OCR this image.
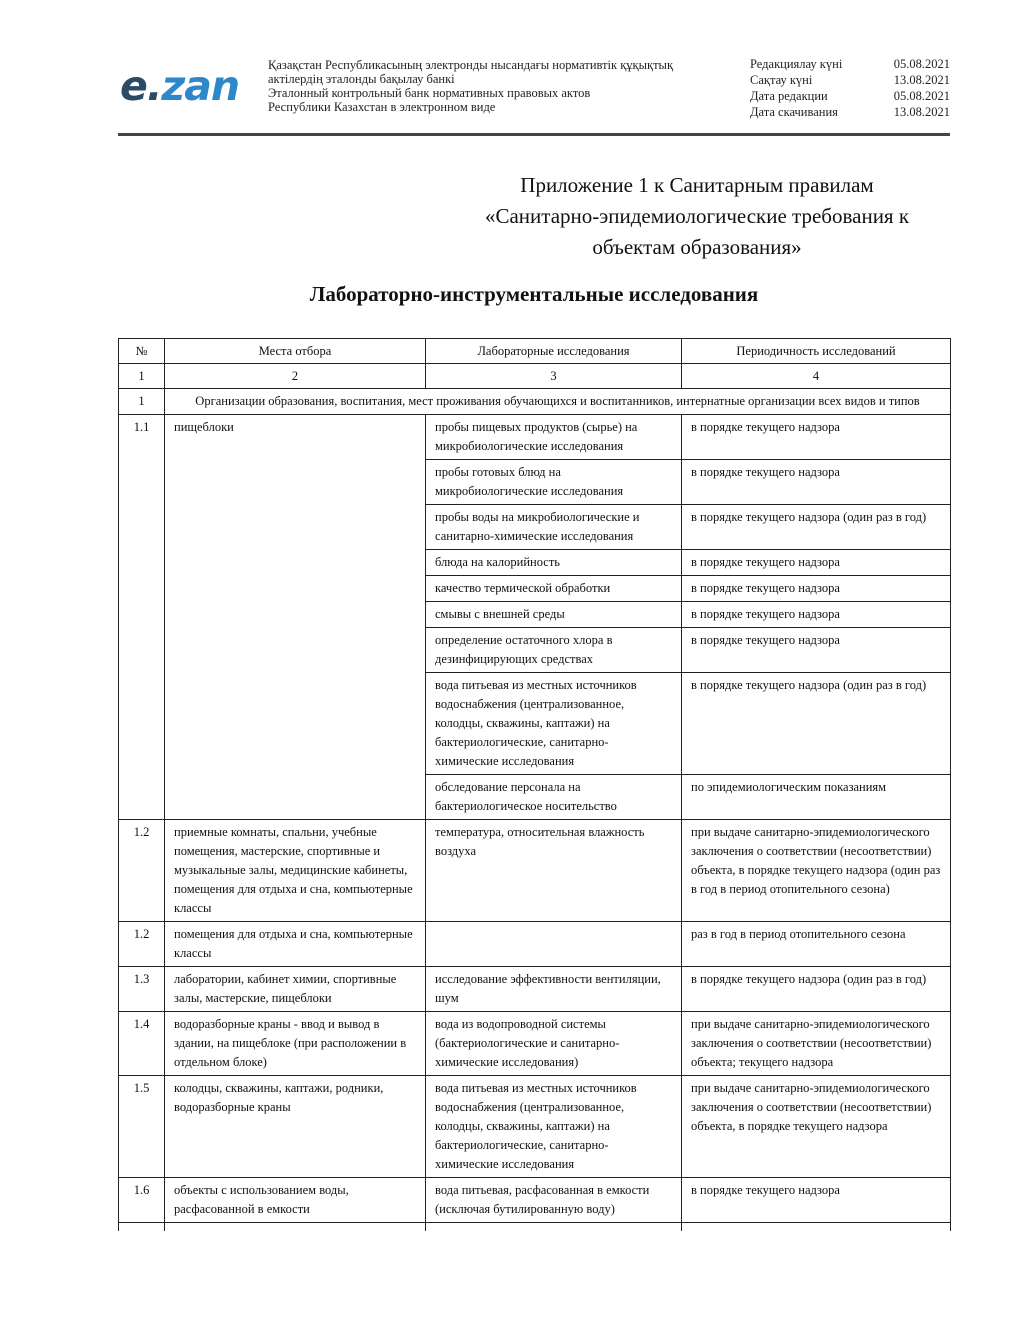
e.zan Қазақстан Республикасының электронды нысандағы нормативтік құқықтық
актілердің эталонды бақылау банкі
Эталонный контрольный банк нормативных правовых актов
Республики Казахстан в электронном виде
Редакциялау күні	05.08.2021
Сақтау күні	13.08.2021
Дата редакции	05.08.2021
Дата скачивания	13.08.2021
Приложение 1 к Санитарным правилам
«Санитарно-эпидемиологические требования к
объектам образования»
Лабораторно-инструментальные исследования
№	Места отбора	Лабораторные исследования	Периодичность исследований
1	2	3	4
1	Организации образования, воспитания, мест проживания обучающихся и воспитанников, интернатные организации всех видов и типов		
1.1	пищеблоки	пробы пищевых продуктов (сырье) на микробиологические исследования	в порядке текущего надзора
		пробы готовых блюд на микробиологические исследования	в порядке текущего надзора
		пробы воды на микробиологические и санитарно-химические исследования	в порядке текущего надзора (один раз в год)
		блюда на калорийность	в порядке текущего надзора
		качество термической обработки	в порядке текущего надзора
		смывы с внешней среды	в порядке текущего надзора
		определение остаточного хлора в дезинфицирующих средствах	в порядке текущего надзора
		вода питьевая из местных источников водоснабжения (централизованное, колодцы, скважины, каптажи) на бактериологические, санитарно-химические исследования	в порядке текущего надзора (один раз в год)
		обследование персонала на бактериологическое носительство	по эпидемиологическим показаниям
1.2	приемные комнаты, спальни, учебные помещения, мастерские, спортивные и музыкальные залы, медицинские кабинеты, помещения для отдыха и сна, компьютерные классы	температура, относительная влажность воздуха	при выдаче санитарно-эпидемиологического заключения о соответствии (несоответствии) объекта, в порядке текущего надзора (один раз в год в период отопительного сезона)
1.2	помещения для отдыха и сна, компьютерные классы		раз в год в период отопительного сезона
1.3	лаборатории, кабинет химии, спортивные залы, мастерские, пищеблоки	исследование эффективности вентиляции, шум	в порядке текущего надзора (один раз в год)
1.4	водоразборные краны - ввод и вывод в здании, на пищеблоке (при расположении в отдельном блоке)	вода из водопроводной системы (бактериологические и санитарно-химические исследования)	при выдаче санитарно-эпидемиологического заключения о соответствии (несоответствии) объекта; текущего надзора
1.5	колодцы, скважины, каптажи, родники, водоразборные краны	вода питьевая из местных источников водоснабжения (централизованное, колодцы, скважины, каптажи) на бактериологические, санитарно-химические исследования	при выдаче санитарно-эпидемиологического заключения о соответствии (несоответствии) объекта, в порядке текущего надзора
1.6	объекты с использованием воды, расфасованной в емкости	вода питьевая, расфасованная в емкости (исключая бутилированную воду)	в порядке текущего надзора
